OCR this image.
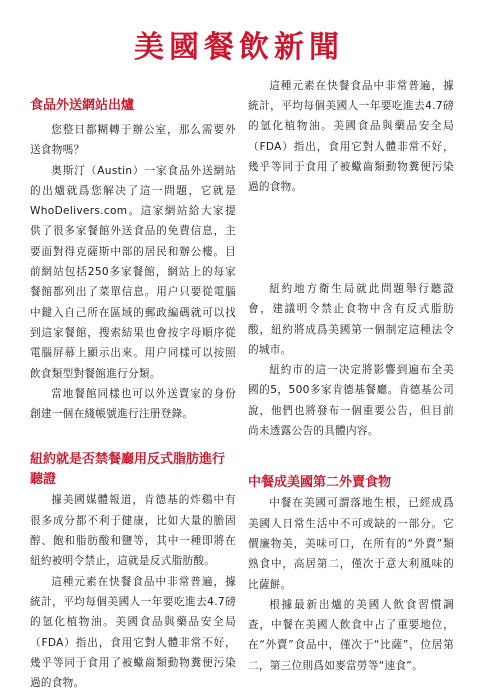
美國餐飲新聞
食品外送網站出爐

您整日都糊轉于辦公室，那么需要外送食物嗎？

奥斯汀（Austin）一家食品外送網站的出爐就爲您解决了這一問題，它就是WhoDelivers.com。這家網站給大家提供了很多家餐館外送食品的免費信息，主要面對得克薩斯中部的居民和辦公樓。目前網站包括250多家餐館，網站上的每家餐館都列出了菜單信息。用户只要從電腦中鍵入自己所在區域的郵政編碼就可以找到這家餐館，搜索結果也會按字母順序從電腦屏幕上顯示出來。用户同樣可以按照飲食類型對餐館進行分類。

當地餐館同樣也可以外送賣家的身份創建一個在綫帳號進行注册登錄。

紐約就是否禁餐廳用反式脂肪進行聽證

據美國媒體報道，肯德基的炸鷄中有很多成分都不利于健康，比如大量的膽固醇、飽和脂肪酸和鹽等，其中一種即將在紐約被明令禁止，這就是反式脂肪酸。

這種元素在快餐食品中非常普遍，據統計，平均每個美國人一年要吃進去4.7磅的氫化植物油。美國食品與藥品安全局（FDA）指出，食用它對人體非常不好，幾乎等同于食用了被蠍齒類動物糞便污染過的食物。

這種元素在快餐食品中非常普遍，據統計，平均每個美國人一年要吃進去4.7磅的氫化植物油。美國食品與藥品安全局（FDA）指出，食用它對人體非常不好，幾乎等同于食用了被蠍齒類動物糞便污染過的食物。

紐約地方衛生局就此問題舉行聽證會，建議明令禁止食物中含有反式脂肪酸，紐約將成爲美國第一個制定這種法令的城市。

紐約市的這一决定將影響到遍布全美國的5，500多家肯德基餐廳。肯德基公司說，他們也將發布一個重要公告，但目前尚未透露公告的具體内容。

中餐成美國第二外賣食物

中餐在美國可謂落地生根，已經成爲美國人日常生活中不可或缺的一部分。它價廉物美，美味可口，在所有的“外賣”類熟食中，高居第二，僅次于意大利風味的比薩餅。

根據最新出爐的美國人飲食習慣調查，中餐在美國人飲食中占了重要地位，在“外賣”食品中，僅次于“比薩”，位居第二，第三位則爲如麥當勞等“速食”。
